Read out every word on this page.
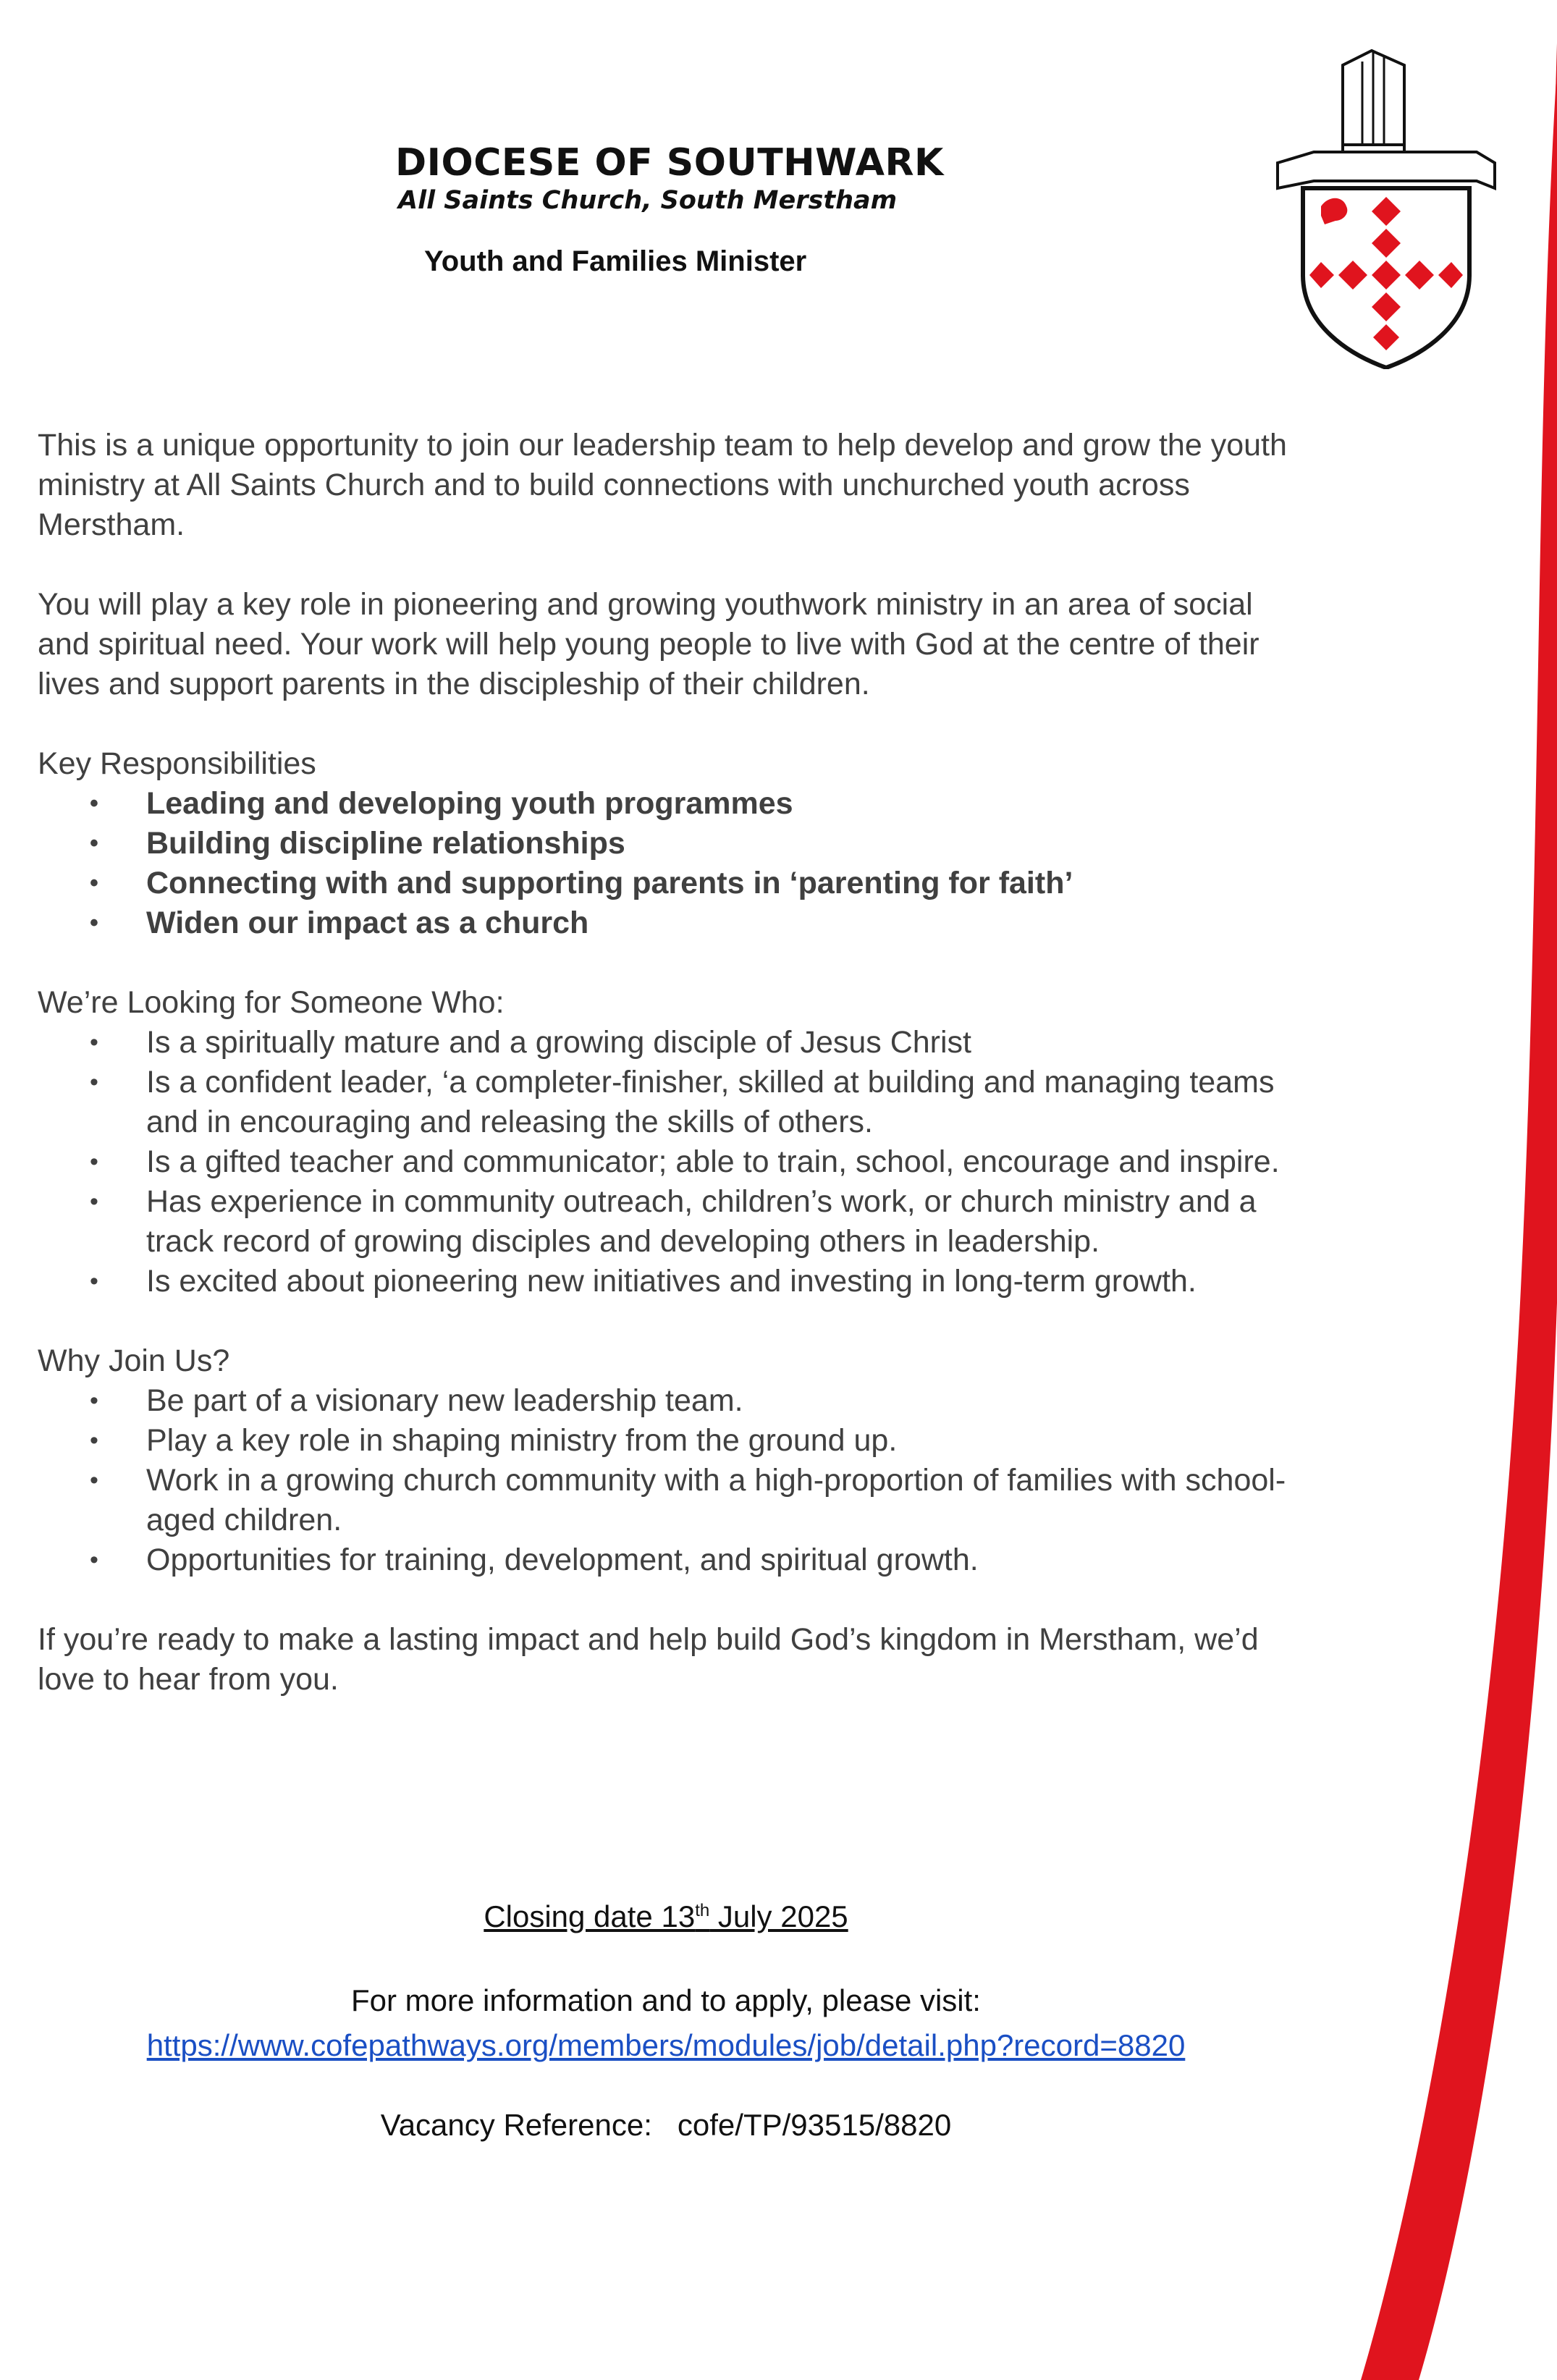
DIOCESE OF SOUTHWARK
All Saints Church, South Merstham
Youth and Families Minister

This is a unique opportunity to join our leadership team to help develop and grow the youth ministry at All Saints Church and to build connections with unchurched youth across Merstham.

You will play a key role in pioneering and growing youthwork ministry in an area of social and spiritual need. Your work will help young people to live with God at the centre of their lives and support parents in the discipleship of their children.

Key Responsibilities
• Leading and developing youth programmes
• Building discipline relationships
• Connecting with and supporting parents in ‘parenting for faith’
• Widen our impact as a church
We’re Looking for Someone Who:
• Is a spiritually mature and a growing disciple of Jesus Christ
• Is a confident leader, ‘a completer-finisher, skilled at building and managing teams and in encouraging and releasing the skills of others.
• Is a gifted teacher and communicator; able to train, school, encourage and inspire.
• Has experience in community outreach, children’s work, or church ministry and a track record of growing disciples and developing others in leadership.
• Is excited about pioneering new initiatives and investing in long-term growth.
Why Join Us?
• Be part of a visionary new leadership team.
• Play a key role in shaping ministry from the ground up.
• Work in a growing church community with a high-proportion of families with school-aged children.
• Opportunities for training, development, and spiritual growth.

If you’re ready to make a lasting impact and help build God’s kingdom in Merstham, we’d love to hear from you.

Closing date 13th July 2025
For more information and to apply, please visit:
https://www.cofepathways.org/members/modules/job/detail.php?record=8820
Vacancy Reference: cofe/TP/93515/8820
